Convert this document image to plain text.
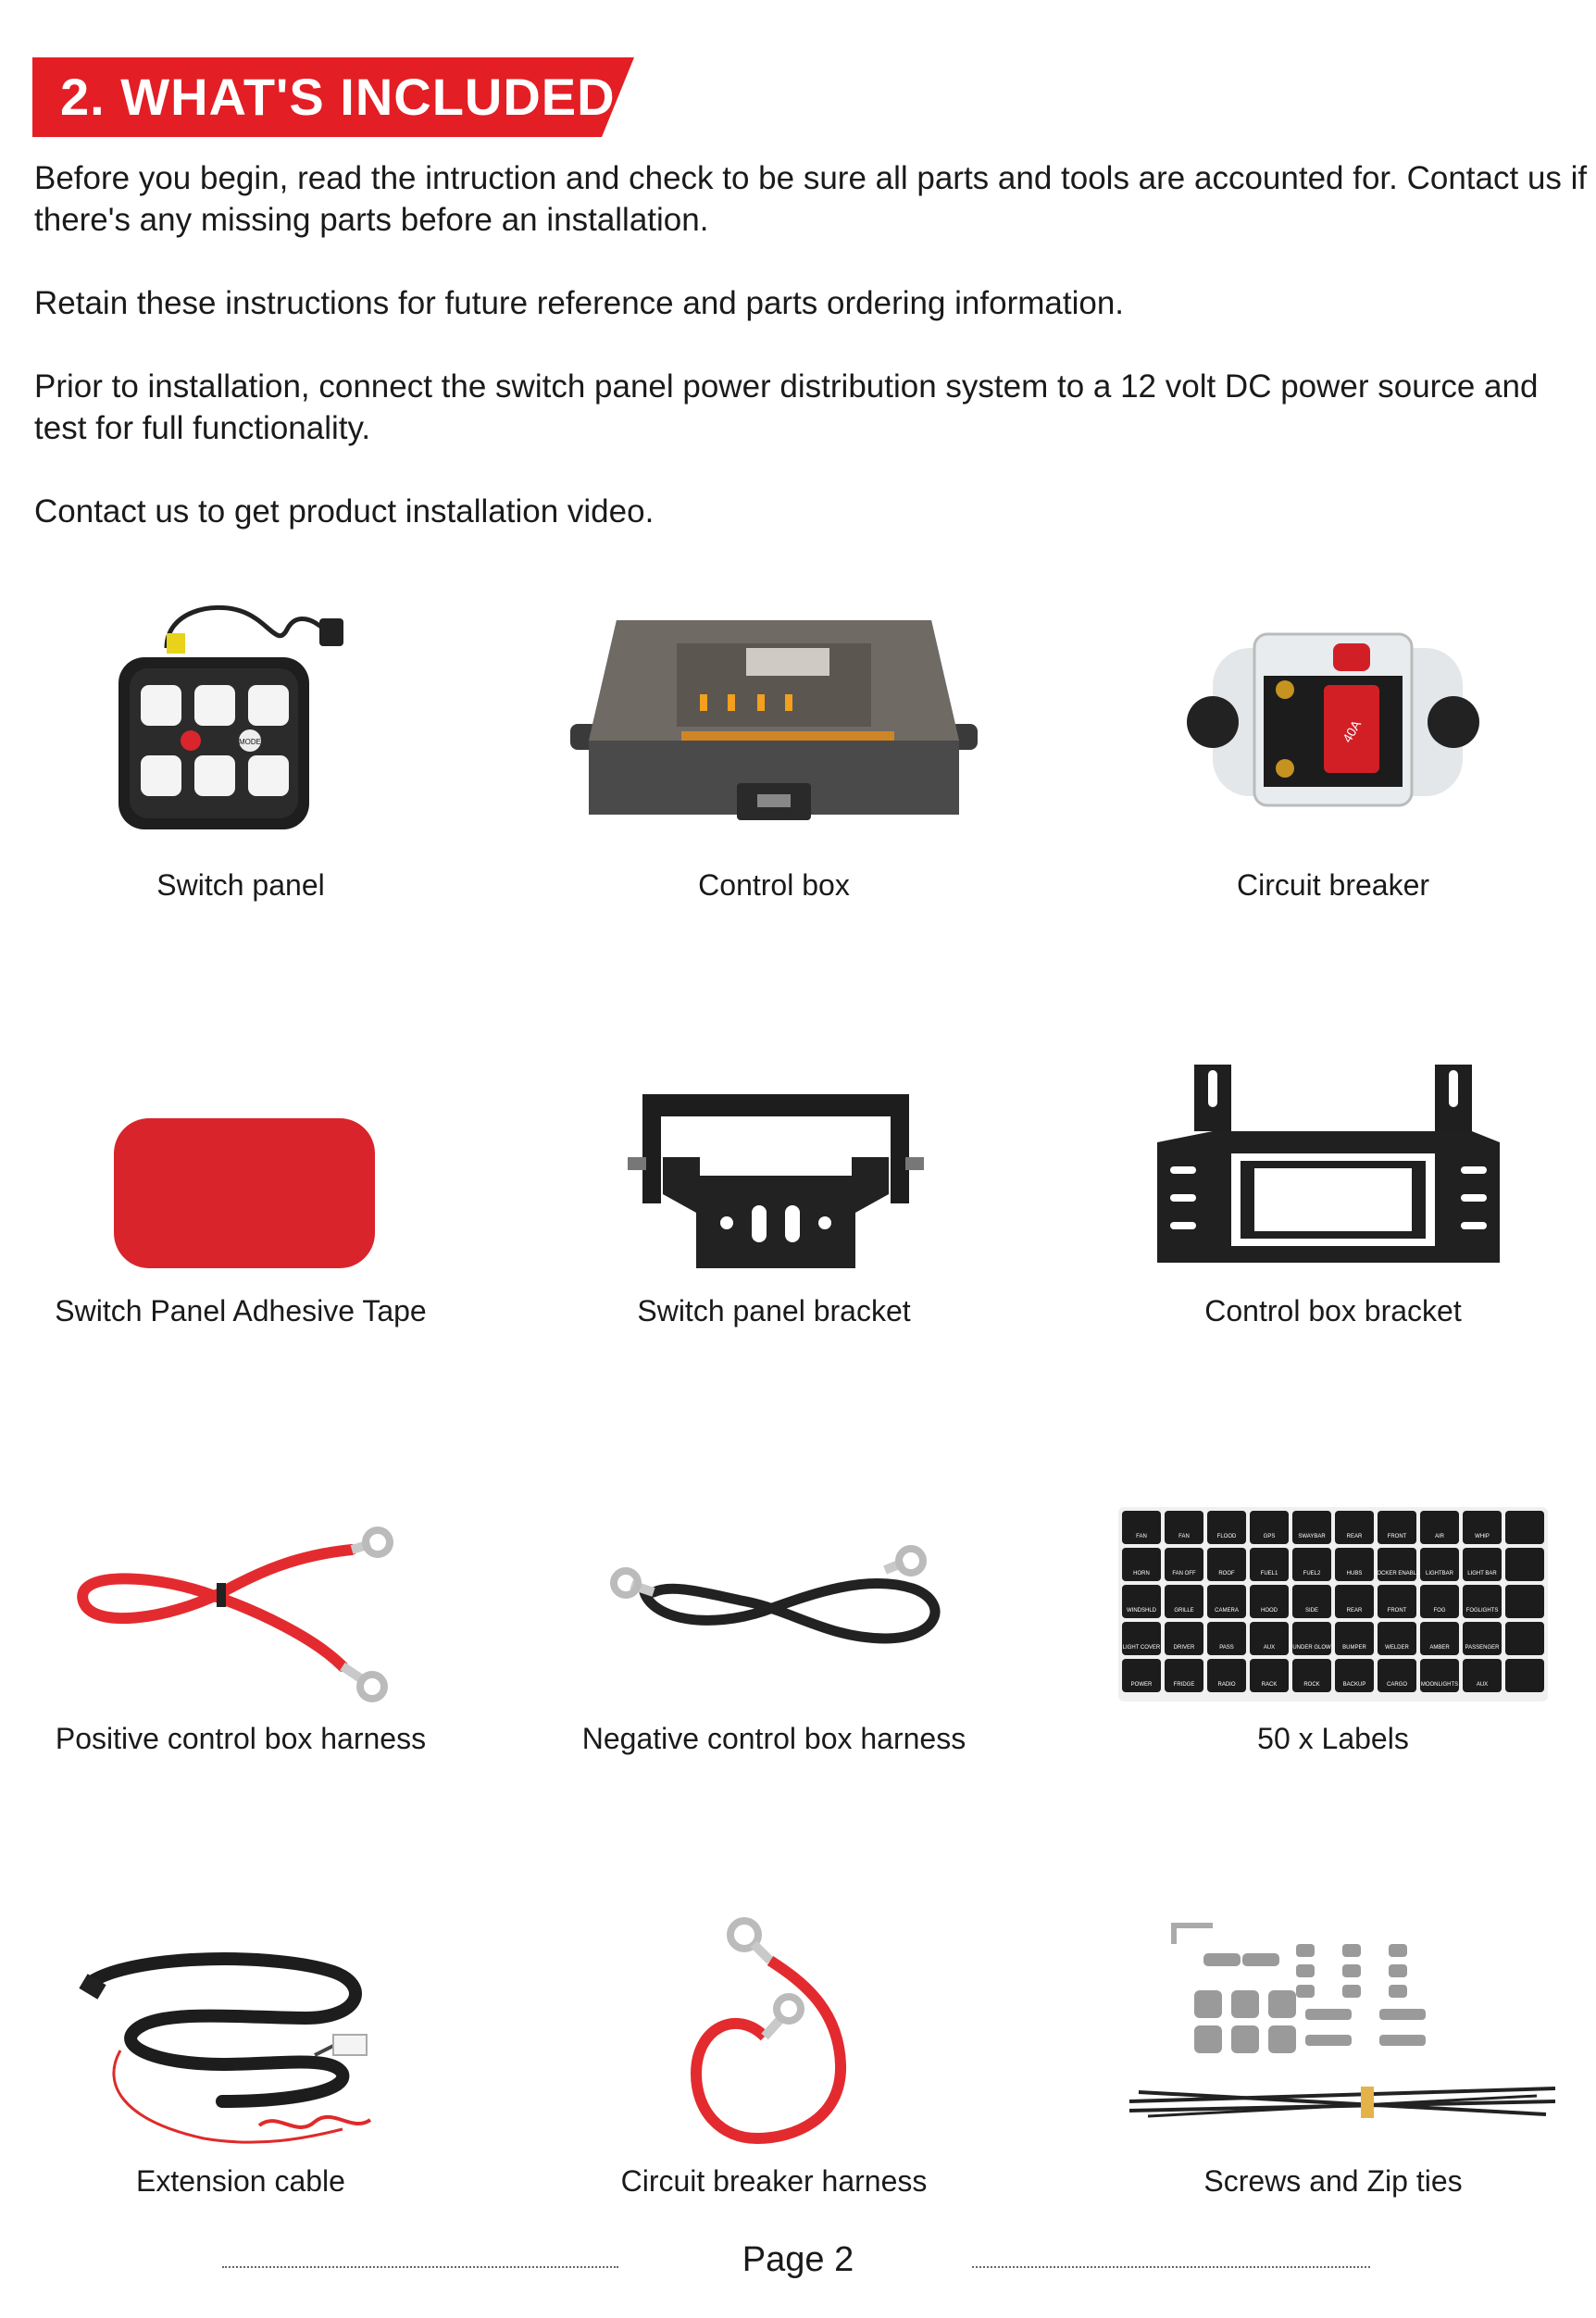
2. WHAT'S INCLUDED

Before you begin, read the intruction and check to be sure all parts and tools are accounted for. Contact us if there's any missing parts before an installation.

Retain these instructions for future reference and parts ordering information.

Prior to installation, connect the switch panel power distribution system to a 12 volt DC power source and test for full functionality.

Contact us to get product installation video.

MODE
Switch panel	Control box
40A
Circuit breaker
Switch Panel Adhesive Tape	Switch panel bracket	Control box bracket
Positive control box harness	Negative control box harness
FAN	FAN	FLOOD	GPS	SWAYBAR	REAR	FRONT	AIR	WHIP
HORN	FAN OFF	ROOF	FUEL1	FUEL2	HUBS LOCKER ENABLE LIGHTBAR	LIGHT BAR
WINDSHLD	GRILLE	CAMERA	HOOD	SIDE	REAR	FRONT	FOG	FOGLIGHTS
LIGHT COVER DRIVER	PASS	AUX	UNDER GLOW BUMPER	WELDER	AMBER	PASSENGER
POWER	FRIDGE	RADIO	RACK	ROCK	BACKUP	CARGO MOONLIGHTS	AUX
50 x Labels
Extension cable	Circuit breaker harness	Screws and Zip ties
Page 2
